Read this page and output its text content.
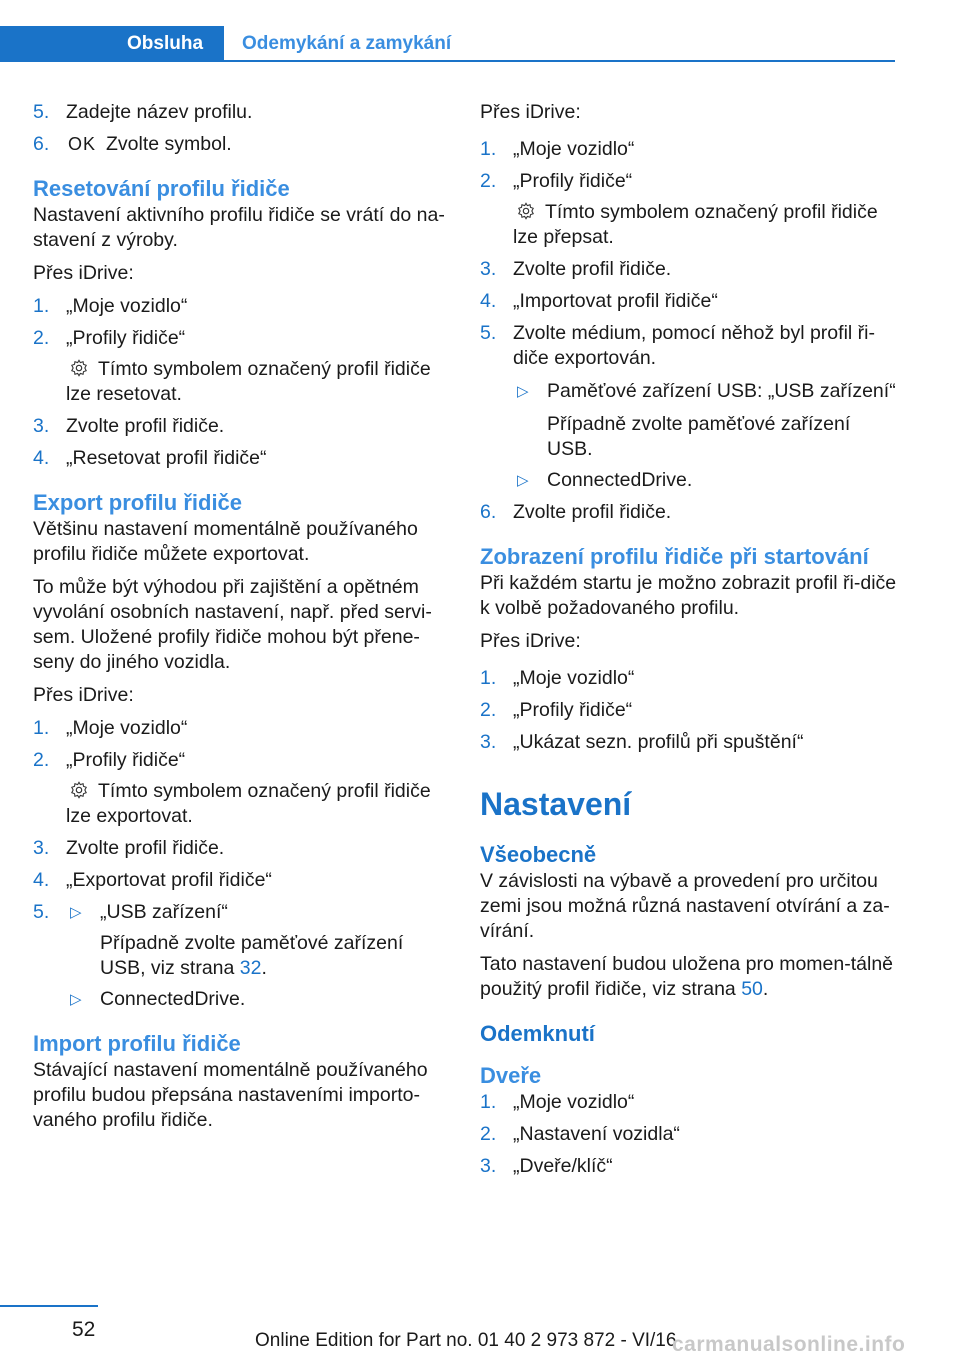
Obsluha	Odemykání a zamykání
5. Zadejte název profilu.
6. OK Zvolte symbol.
Resetování profilu řidiče

Nastavení aktivního profilu řidiče se vrátí do na‐stavení z výroby.

Přes iDrive:

1. „Moje vozidlo“
2. „Profily řidiče“
Tímto symbolem označený profil řidiče lze resetovat.
3. Zvolte profil řidiče.
4. „Resetovat profil řidiče“
Export profilu řidiče

Většinu nastavení momentálně používaného profilu řidiče můžete exportovat.

To může být výhodou při zajištění a opětném vyvolání osobních nastavení, např. před servi‐sem. Uložené profily řidiče mohou být přene‐seny do jiného vozidla.

Přes iDrive:

1. „Moje vozidlo“
2. „Profily řidiče“
Tímto symbolem označený profil řidiče lze exportovat.
3. Zvolte profil řidiče.
4. „Exportovat profil řidiče“
5. ▷ „USB zařízení“
Případně zvolte paměťové zařízení USB, viz strana 32.
▷ ConnectedDrive.
Import profilu řidiče

Stávající nastavení momentálně používaného profilu budou přepsána nastaveními importo‐vaného profilu řidiče.

Přes iDrive:

1. „Moje vozidlo“
2. „Profily řidiče“
Tímto symbolem označený profil řidiče lze přepsat.
3. Zvolte profil řidiče.
4. „Importovat profil řidiče“
5. Zvolte médium, pomocí něhož byl profil ři‐diče exportován.
▷ Paměťové zařízení USB: „USB zařízení“
Případně zvolte paměťové zařízení USB.
▷ ConnectedDrive.
6. Zvolte profil řidiče.
Zobrazení profilu řidiče při startování

Při každém startu je možno zobrazit profil ři‐diče k volbě požadovaného profilu.

Přes iDrive:

1. „Moje vozidlo“
2. „Profily řidiče“
3. „Ukázat sezn. profilů při spuštění“
Nastavení
Všeobecně

V závislosti na výbavě a provedení pro určitou zemi jsou možná různá nastavení otvírání a za‐vírání.

Tato nastavení budou uložena pro momen‐tálně použitý profil řidiče, viz strana 50.

Odemknutí
Dveře
1. „Moje vozidlo“
2. „Nastavení vozidla“
3. „Dveře/klíč“
52	Online Edition for Part no. 01 40 2 973 872 - VI/16
carmanualsonline.info
